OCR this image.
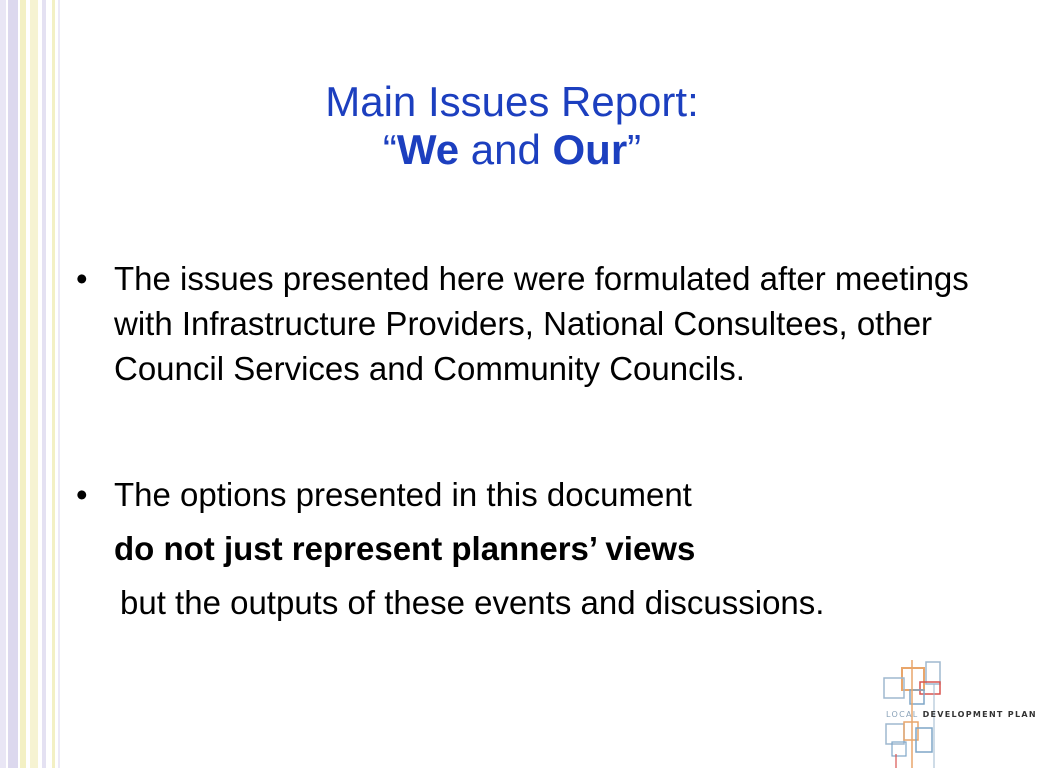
Main Issues Report:
“We and Our”
• The issues presented here were formulated after meetings with Infrastructure Providers, National Consultees, other Council Services and Community Councils.
• The options presented in this document
do not just represent planners’ views
but the outputs of these events and discussions.
LOCAL DEVELOPMENT PLAN
